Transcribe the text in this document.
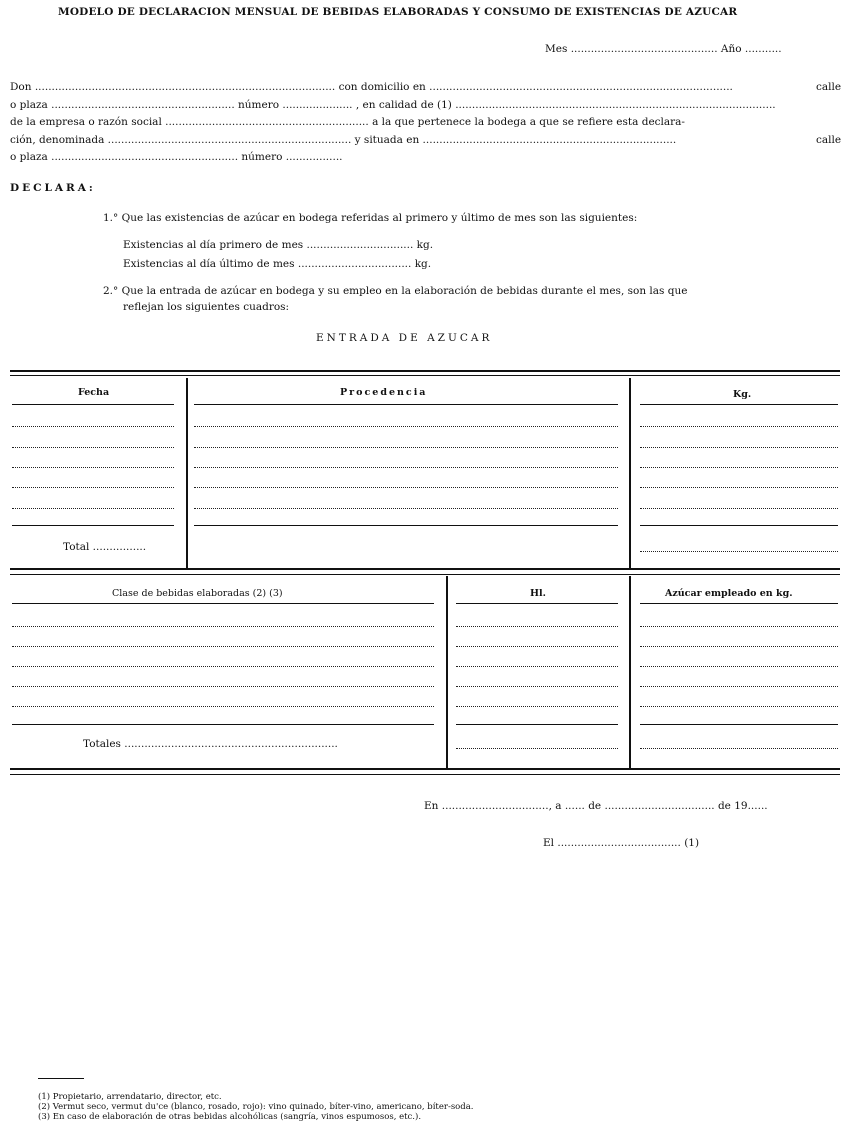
MODELO DE DECLARACION MENSUAL DE BEBIDAS ELABORADAS Y CONSUMO DE EXISTENCIAS DE AZUCAR
Mes ............................................ Año ...........
Don .......................................................................................... con domicilio en ...........................................................................................	calle
o plaza ....................................................... número ..................... , en calidad de (1) ................................................................................................
de la empresa o razón social ............................................................. a la que pertenece la bodega a que se refiere esta declara-
ción, denominada ......................................................................... y situada en ............................................................................	calle
o plaza ........................................................ número .................
DECLARA:
1.° Que las existencias de azúcar en bodega referidas al primero y último de mes son las siguientes:
Existencias al día primero de mes ................................ kg.
Existencias al día último de mes .................................. kg.
2.° Que la entrada de azúcar en bodega y su empleo en la elaboración de bebidas durante el mes, son las que
reflejan los siguientes cuadros:
ENTRADA DE AZUCAR
Fecha	Procedencia	Kg.
Total ................
Clase de bebidas elaboradas (2) (3)	Hl.	Azúcar empleado en kg.
Totales ................................................................
En ................................, a ...... de ................................. de 19......
El ..................................... (1)
(1) Propietario, arrendatario, director, etc.
(2) Vermut seco, vermut du'ce (blanco, rosado, rojo): vino quinado, bíter-vino, americano, bíter-soda.
(3) En caso de elaboración de otras bebidas alcohólicas (sangría, vinos espumosos, etc.).
